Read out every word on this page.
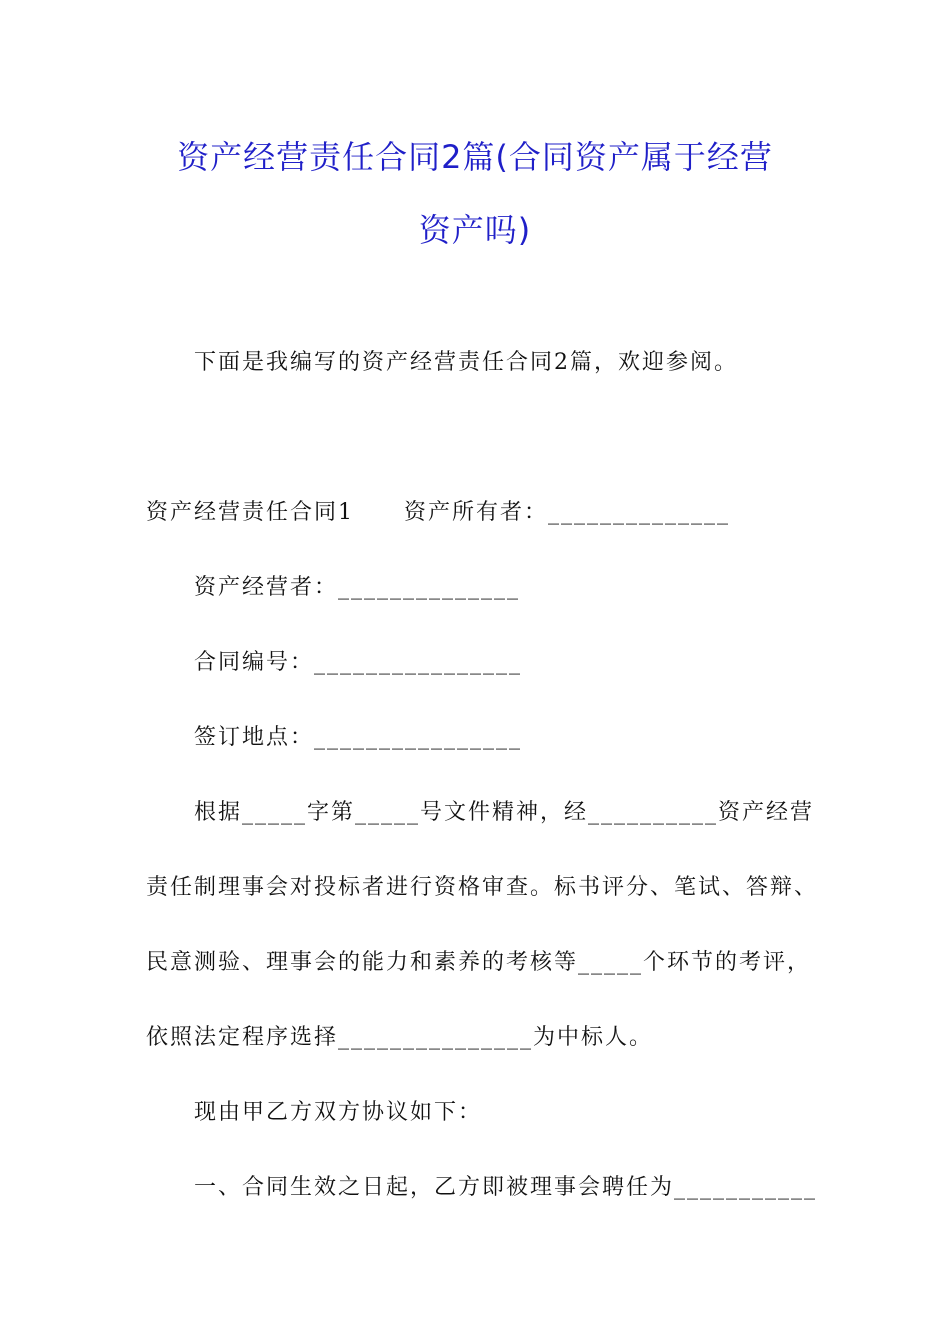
资产经营责任合同2篇(合同资产属于经营
资产吗)
下面是我编写的资产经营责任合同2篇，欢迎参阅。
资产经营责任合同1 资产所有者：______________
资产经营者：______________
合同编号：________________
签订地点：________________
根据_____字第_____号文件精神，经__________资产经营
责任制理事会对投标者进行资格审查。标书评分、笔试、答辩、
民意测验、理事会的能力和素养的考核等_____个环节的考评，
依照法定程序选择_______________为中标人。
现由甲乙方双方协议如下：
一、合同生效之日起，乙方即被理事会聘任为___________
